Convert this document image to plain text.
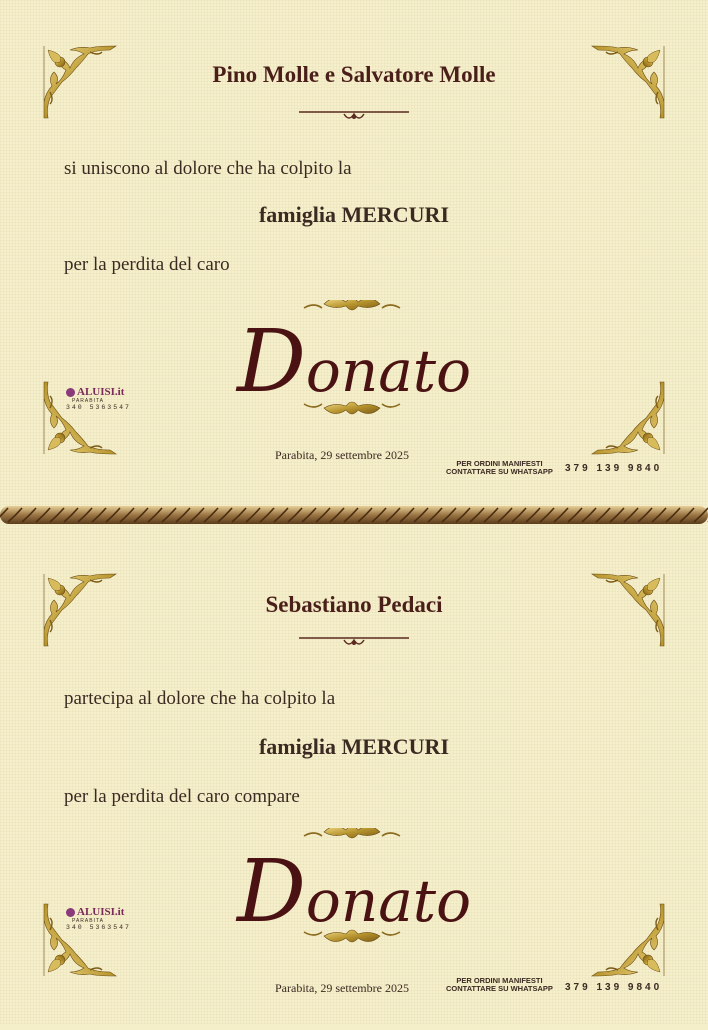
Pino Molle e Salvatore Molle
si uniscono al dolore che ha colpito la
famiglia MERCURI
per la perdita del caro
Donato
ALUISI.it
PARABITA
340 5363547
Parabita, 29 settembre 2025
PER ORDINI MANIFESTI
CONTATTARE SU WHATSAPP 379 139 9840
Sebastiano Pedaci
partecipa al dolore che ha colpito la
famiglia MERCURI
per la perdita del caro compare
Donato
ALUISI.it
PARABITA
340 5363547
Parabita, 29 settembre 2025
PER ORDINI MANIFESTI
CONTATTARE SU WHATSAPP 379 139 9840
